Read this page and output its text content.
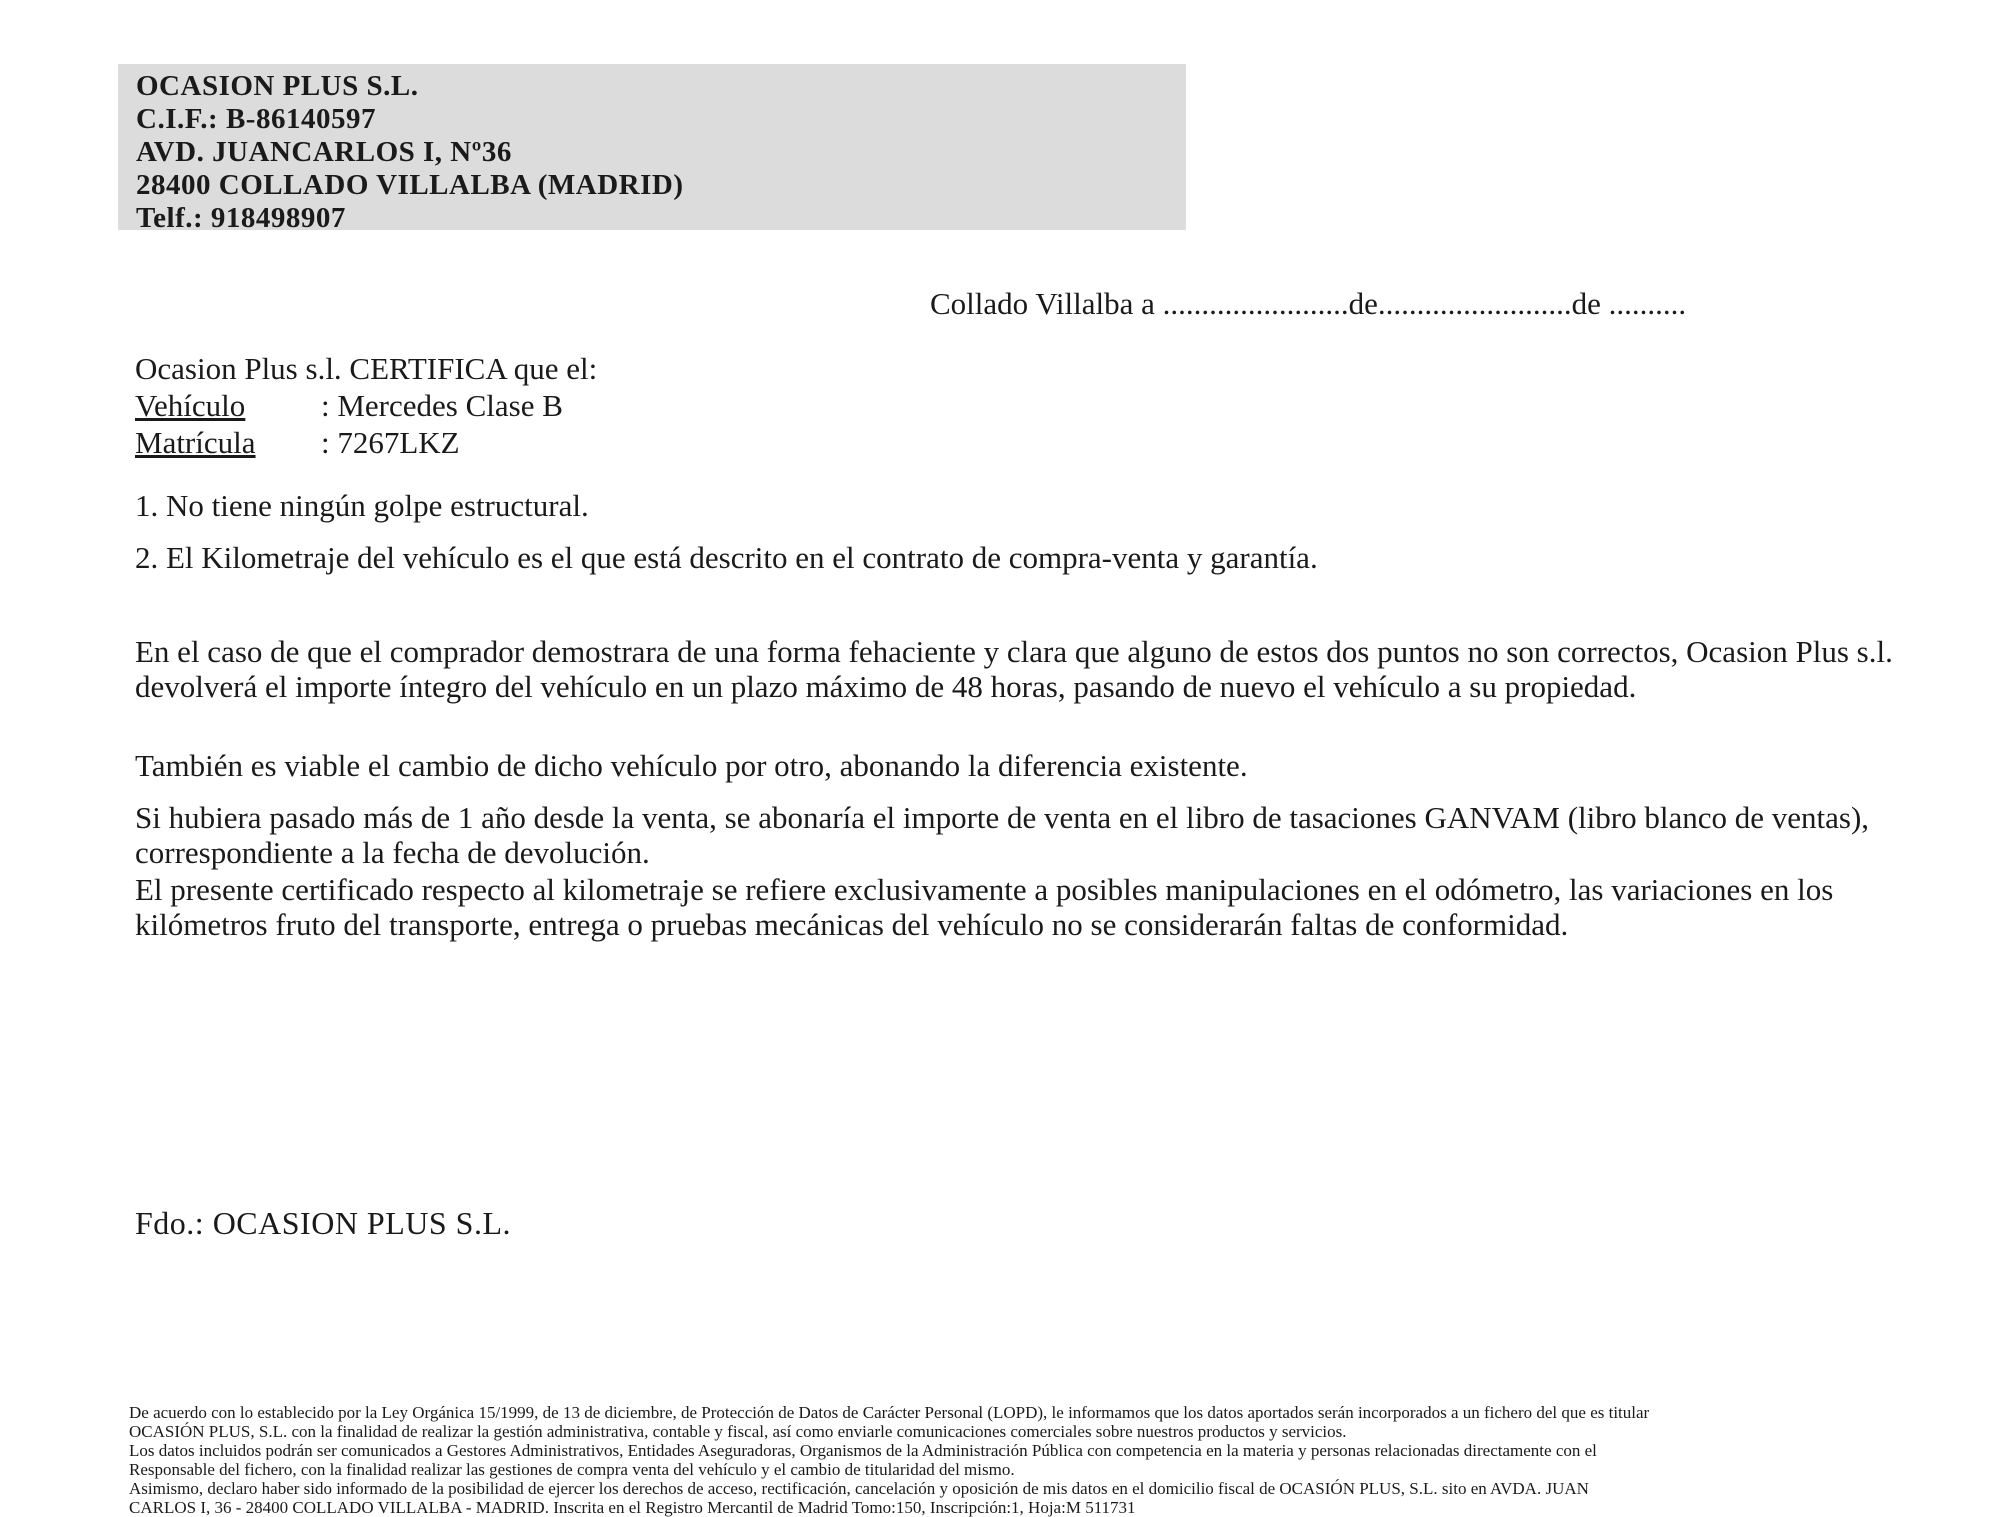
OCASION PLUS S.L.
C.I.F.: B-86140597
AVD. JUANCARLOS I, Nº36
28400 COLLADO VILLALBA (MADRID)
Telf.: 918498907
Collado Villalba a ........................de.........................de ..........
Ocasion Plus s.l. CERTIFICA que el:
Vehículo : Mercedes Clase B
Matrícula : 7267LKZ
1. No tiene ningún golpe estructural.
2. El Kilometraje del vehículo es el que está descrito en el contrato de compra-venta y garantía.
En el caso de que el comprador demostrara de una forma fehaciente y clara que alguno de estos dos puntos no son correctos, Ocasion Plus s.l. devolverá el importe íntegro del vehículo en un plazo máximo de 48 horas, pasando de nuevo el vehículo a su propiedad.
También es viable el cambio de dicho vehículo por otro, abonando la diferencia existente.
Si hubiera pasado más de 1 año desde la venta, se abonaría el importe de venta en el libro de tasaciones GANVAM (libro blanco de ventas), correspondiente a la fecha de devolución.
El presente certificado respecto al kilometraje se refiere exclusivamente a posibles manipulaciones en el odómetro, las variaciones en los kilómetros fruto del transporte, entrega o pruebas mecánicas del vehículo no se considerarán faltas de conformidad.
Fdo.: OCASION PLUS S.L.
De acuerdo con lo establecido por la Ley Orgánica 15/1999, de 13 de diciembre, de Protección de Datos de Carácter Personal (LOPD), le informamos que los datos aportados serán incorporados a un fichero del que es titular
OCASIÓN PLUS, S.L. con la finalidad de realizar la gestión administrativa, contable y fiscal, así como enviarle comunicaciones comerciales sobre nuestros productos y servicios.
Los datos incluidos podrán ser comunicados a Gestores Administrativos, Entidades Aseguradoras, Organismos de la Administración Pública con competencia en la materia y personas relacionadas directamente con el
Responsable del fichero, con la finalidad realizar las gestiones de compra venta del vehículo y el cambio de titularidad del mismo.
Asimismo, declaro haber sido informado de la posibilidad de ejercer los derechos de acceso, rectificación, cancelación y oposición de mis datos en el domicilio fiscal de OCASIÓN PLUS, S.L. sito en AVDA. JUAN
CARLOS I, 36 - 28400 COLLADO VILLALBA - MADRID. Inscrita en el Registro Mercantil de Madrid Tomo:150, Inscripción:1, Hoja:M 511731
